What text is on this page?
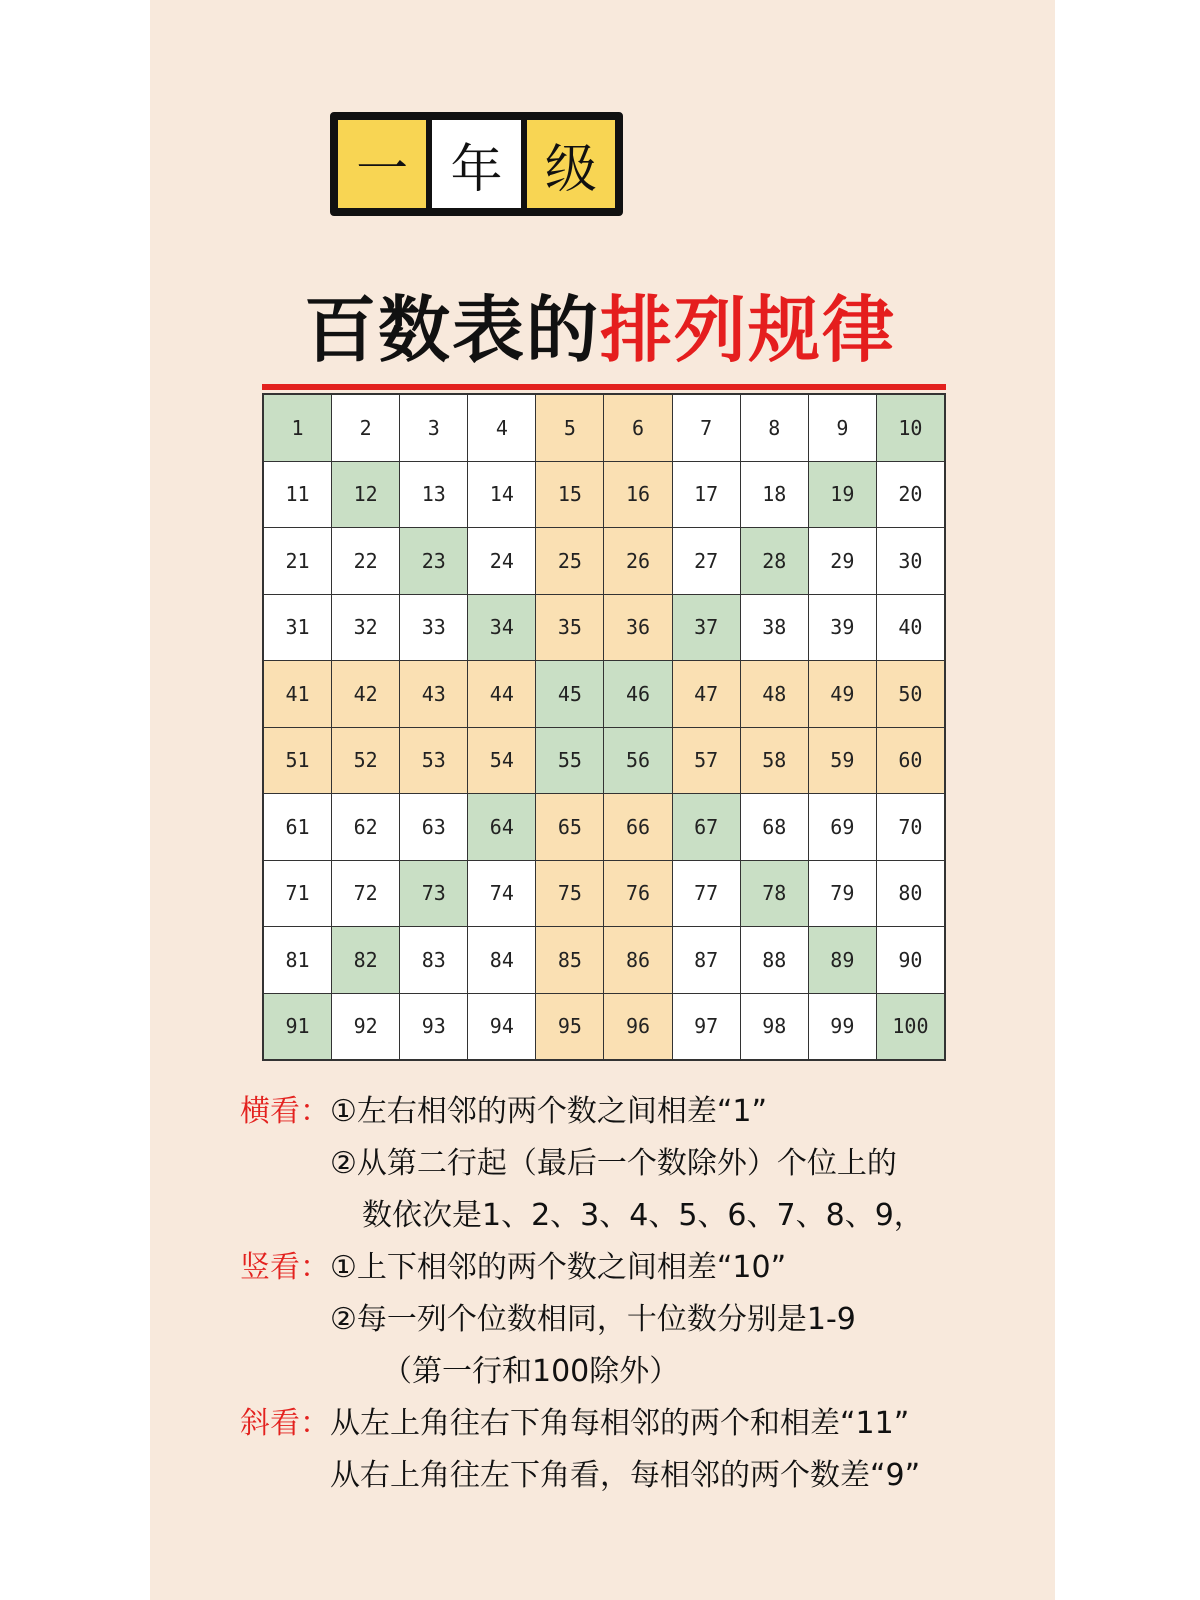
一 年 级
百数表的排列规律
1	2	3	4	5	6	7	8	9	10
11	12	13	14	15	16	17	18	19	20
21	22	23	24	25	26	27	28	29	30
31	32	33	34	35	36	37	38	39	40
41	42	43	44	45	46	47	48	49	50
51	52	53	54	55	56	57	58	59	60
61	62	63	64	65	66	67	68	69	70
71	72	73	74	75	76	77	78	79	80
81	82	83	84	85	86	87	88	89	90
91	92	93	94	95	96	97	98	99	100
横看：①左右相邻的两个数之间相差“1”
②从第二行起（最后一个数除外）个位上的
数依次是1、2、3、4、5、6、7、8、9，
竖看：①上下相邻的两个数之间相差“10”
②每一列个位数相同，十位数分别是1-9
（第一行和100除外）
斜看：从左上角往右下角每相邻的两个和相差“11”
从右上角往左下角看，每相邻的两个数差“9”
